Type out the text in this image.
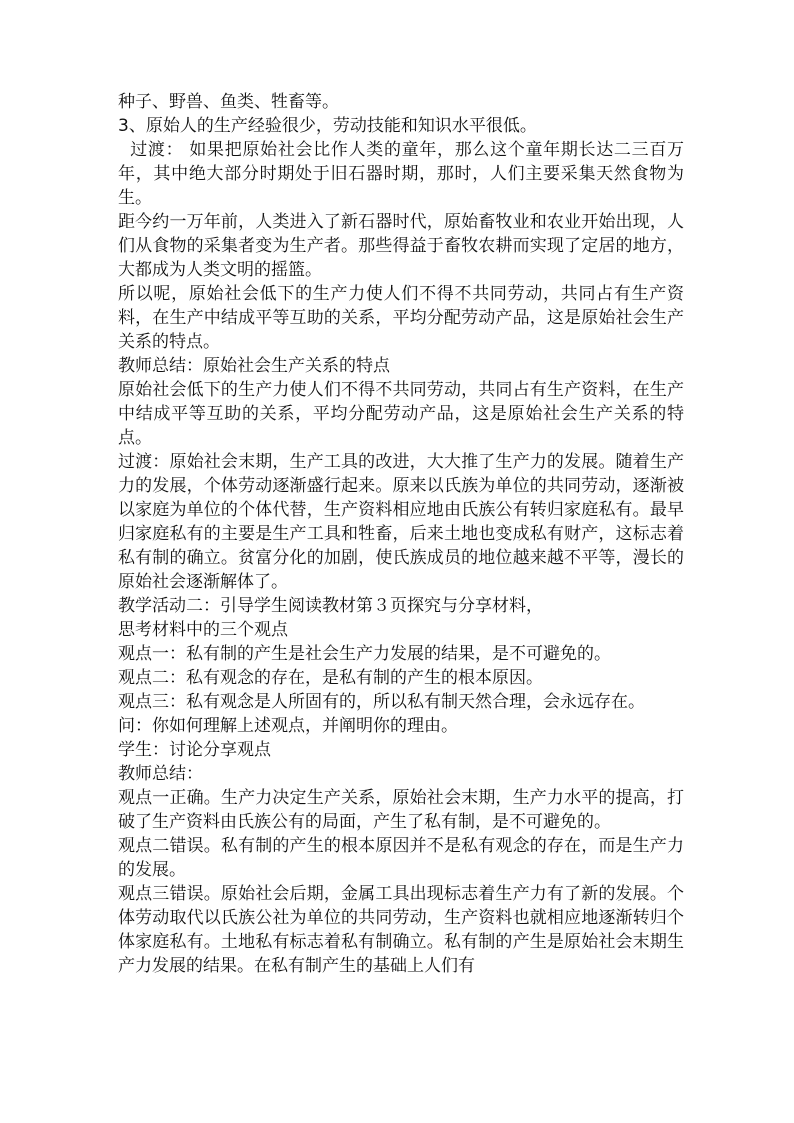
种子、野兽、鱼类、牲畜等。

3、原始人的生产经验很少，劳动技能和知识水平很低。

过渡： 如果把原始社会比作人类的童年，那么这个童年期长达二三百万年，其中绝大部分时期处于旧石器时期，那时，人们主要采集天然食物为生。

距今约一万年前，人类进入了新石器时代，原始畜牧业和农业开始出现，人们从食物的采集者变为生产者。那些得益于畜牧农耕而实现了定居的地方，大都成为人类文明的摇篮。

所以呢，原始社会低下的生产力使人们不得不共同劳动，共同占有生产资料，在生产中结成平等互助的关系，平均分配劳动产品，这是原始社会生产关系的特点。

教师总结：原始社会生产关系的特点

原始社会低下的生产力使人们不得不共同劳动，共同占有生产资料，在生产中结成平等互助的关系，平均分配劳动产品，这是原始社会生产关系的特点。

过渡：原始社会末期，生产工具的改进，大大推了生产力的发展。随着生产力的发展，个体劳动逐渐盛行起来。原来以氏族为单位的共同劳动，逐渐被以家庭为单位的个体代替，生产资料相应地由氏族公有转归家庭私有。最早归家庭私有的主要是生产工具和牲畜，后来土地也变成私有财产，这标志着私有制的确立。贫富分化的加剧，使氏族成员的地位越来越不平等，漫长的原始社会逐渐解体了。

教学活动二：引导学生阅读教材第３页探究与分享材料，

思考材料中的三个观点

观点一：私有制的产生是社会生产力发展的结果，是不可避免的。

观点二：私有观念的存在，是私有制的产生的根本原因。

观点三：私有观念是人所固有的，所以私有制天然合理，会永远存在。

问：你如何理解上述观点，并阐明你的理由。

学生：讨论分享观点

教师总结：

观点一正确。生产力决定生产关系，原始社会末期，生产力水平的提高，打破了生产资料由氏族公有的局面，产生了私有制，是不可避免的。

观点二错误。私有制的产生的根本原因并不是私有观念的存在，而是生产力的发展。

观点三错误。原始社会后期，金属工具出现标志着生产力有了新的发展。个体劳动取代以氏族公社为单位的共同劳动，生产资料也就相应地逐渐转归个体家庭私有。土地私有标志着私有制确立。私有制的产生是原始社会末期生产力发展的结果。在私有制产生的基础上人们有
